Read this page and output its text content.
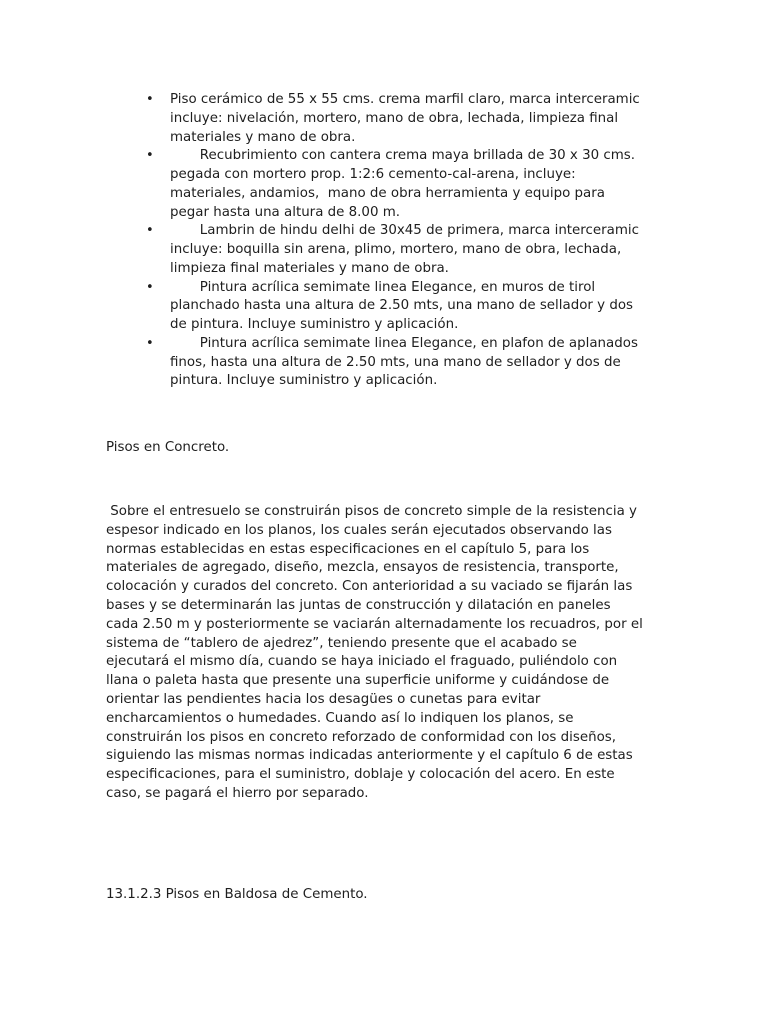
• Piso cerámico de 55 x 55 cms. crema marfil claro, marca interceramic
incluye: nivelación, mortero, mano de obra, lechada, limpieza final
materiales y mano de obra.
•	Recubrimiento con cantera crema maya brillada de 30 x 30 cms.
pegada con mortero prop. 1:2:6 cemento-cal-arena, incluye:
materiales, andamios,  mano de obra herramienta y equipo para
pegar hasta una altura de 8.00 m.
•	Lambrin de hindu delhi de 30x45 de primera, marca interceramic
incluye: boquilla sin arena, plimo, mortero, mano de obra, lechada,
limpieza final materiales y mano de obra.
•	Pintura acrílica semimate linea Elegance, en muros de tirol
planchado hasta una altura de 2.50 mts, una mano de sellador y dos
de pintura. Incluye suministro y aplicación.
•	Pintura acrílica semimate linea Elegance, en plafon de aplanados
finos, hasta una altura de 2.50 mts, una mano de sellador y dos de
pintura. Incluye suministro y aplicación.
Pisos en Concreto.

Sobre el entresuelo se construirán pisos de concreto simple de la resistencia y
espesor indicado en los planos, los cuales serán ejecutados observando las
normas establecidas en estas especificaciones en el capítulo 5, para los
materiales de agregado, diseño, mezcla, ensayos de resistencia, transporte,
colocación y curados del concreto. Con anterioridad a su vaciado se fijarán las
bases y se determinarán las juntas de construcción y dilatación en paneles
cada 2.50 m y posteriormente se vaciarán alternadamente los recuadros, por el
sistema de “tablero de ajedrez”, teniendo presente que el acabado se
ejecutará el mismo día, cuando se haya iniciado el fraguado, puliéndolo con
llana o paleta hasta que presente una superficie uniforme y cuidándose de
orientar las pendientes hacia los desagües o cunetas para evitar
encharcamientos o humedades. Cuando así lo indiquen los planos, se
construirán los pisos en concreto reforzado de conformidad con los diseños,
siguiendo las mismas normas indicadas anteriormente y el capítulo 6 de estas
especificaciones, para el suministro, doblaje y colocación del acero. En este
caso, se pagará el hierro por separado.

13.1.2.3 Pisos en Baldosa de Cemento.
